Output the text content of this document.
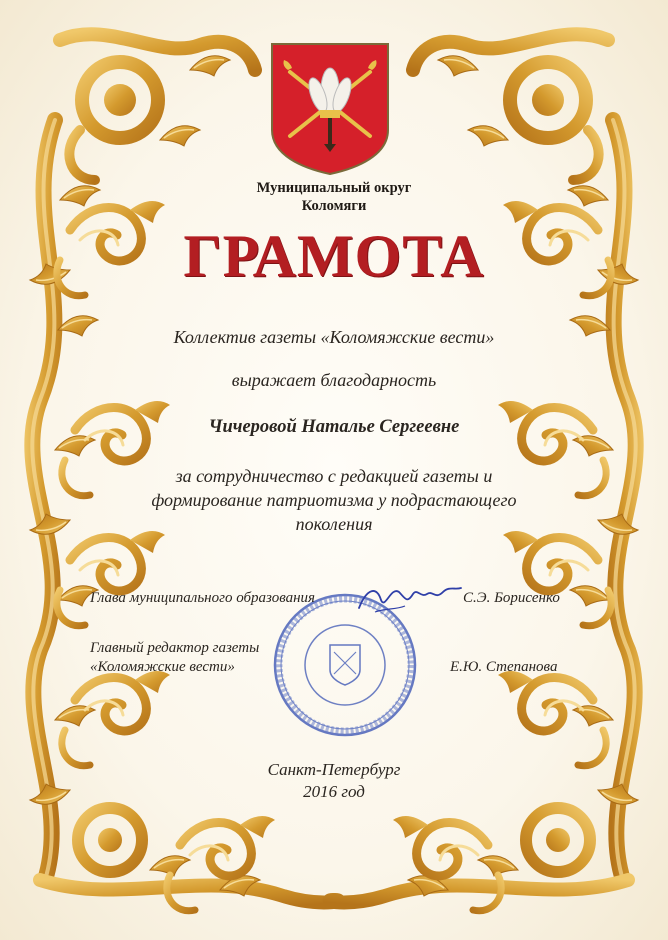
Муниципальный округ
Коломяги
ГРАМОТА
Коллектив газеты «Коломяжские вести»
выражает благодарность
Чичеровой Наталье Сергеевне
за сотрудничество с редакцией газеты и
формирование патриотизма у подрастающего
поколения
Глава муниципального образования	С.Э. Борисенко
Главный редактор газеты
«Коломяжские вести»	Е.Ю. Степанова
Санкт-Петербург
2016 год
